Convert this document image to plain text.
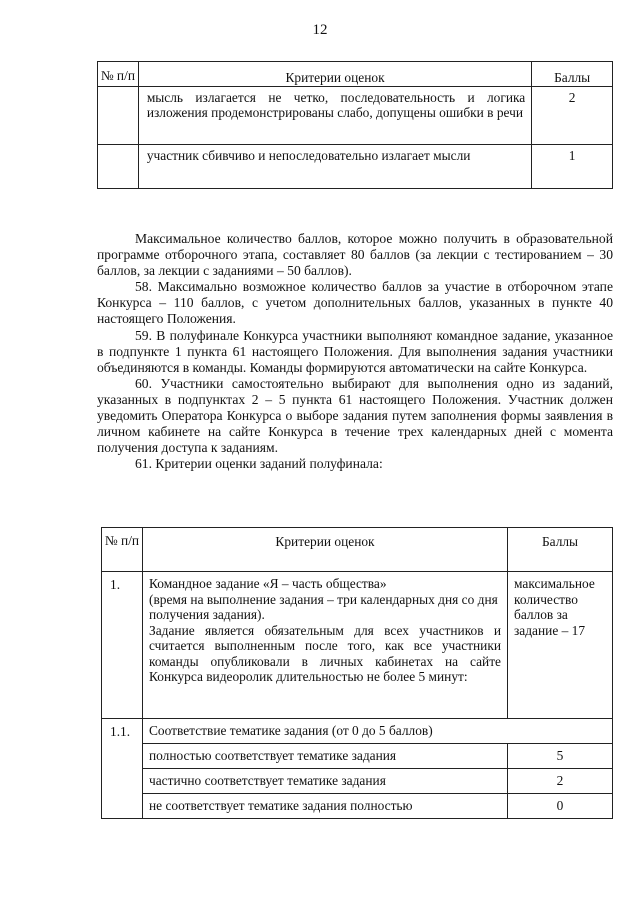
12
№ п/п	Критерии оценок	Баллы
	мысль излагается не четко, последовательность и логика изложения продемонстрированы слабо, допущены ошибки в речи	2
	участник сбивчиво и непоследовательно излагает мысли	1

Максимальное количество баллов, которое можно получить в образовательной программе отборочного этапа, составляет 80 баллов (за лекции с тестированием – 30 баллов, за лекции с заданиями – 50 баллов).

58. Максимально возможное количество баллов за участие в отборочном этапе Конкурса – 110 баллов, с учетом дополнительных баллов, указанных в пункте 40 настоящего Положения.

59. В полуфинале Конкурса участники выполняют командное задание, указанное в подпункте 1 пункта 61 настоящего Положения. Для выполнения задания участники объединяются в команды. Команды формируются автоматически на сайте Конкурса.

60. Участники самостоятельно выбирают для выполнения одно из заданий, указанных в подпунктах 2 – 5 пункта 61 настоящего Положения. Участник должен уведомить Оператора Конкурса о выборе задания путем заполнения формы заявления в личном кабинете на сайте Конкурса в течение трех календарных дней с момента получения доступа к заданиям.

61. Критерии оценки заданий полуфинала:

№ п/п	Критерии оценок	Баллы
1.	Командное задание «Я – часть общества»
(время на выполнение задания – три календарных дня со дня получения задания).
Задание является обязательным для всех участников и считается выполненным после того, как все участники команды опубликовали в личных кабинетах на сайте Конкурса видеоролик длительностью не более 5 минут:	максимальное количество баллов за задание – 17
1.1.	Соответствие тематике задания (от 0 до 5 баллов)	
	полностью соответствует тематике задания	5
	частично соответствует тематике задания	2
	не соответствует тематике задания полностью	0
